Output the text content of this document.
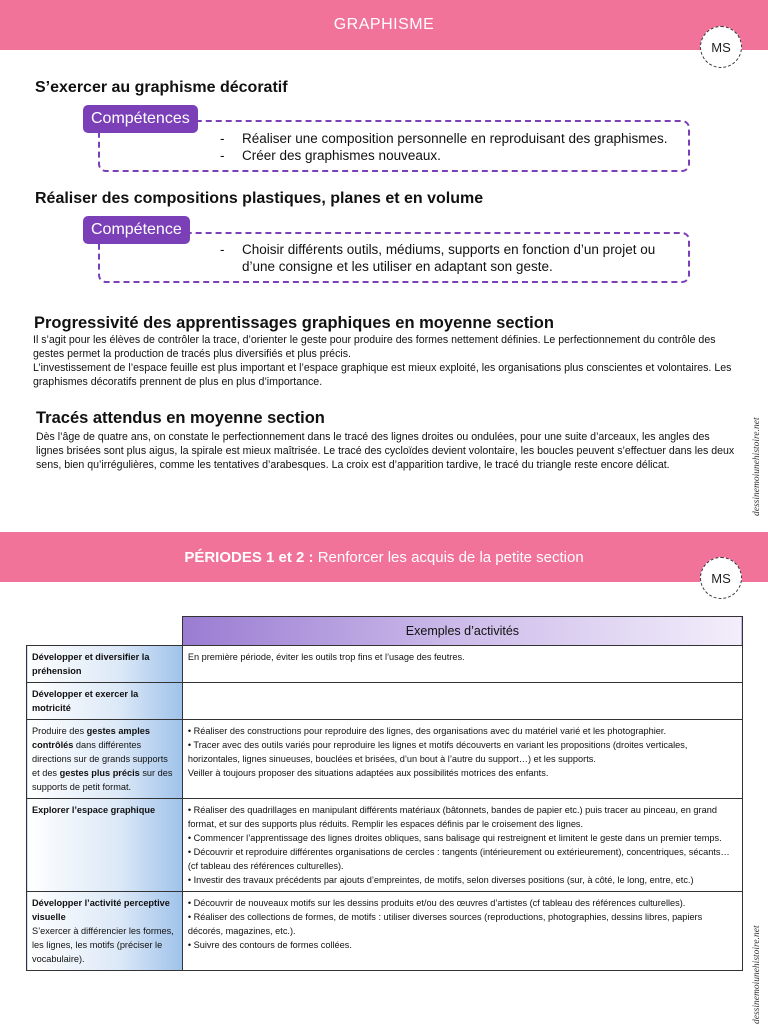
GRAPHISME
MS
S’exercer au graphisme décoratif
Compétences
- Réaliser une composition personnelle en reproduisant des graphismes.
- Créer des graphismes nouveaux.
Réaliser des compositions plastiques, planes et en volume
Compétence
- Choisir différents outils, médiums, supports en fonction d’un projet ou d’une consigne et les utiliser en adaptant son geste.
Progressivité des apprentissages graphiques en moyenne section
Il s’agit pour les élèves de contrôler la trace, d’orienter le geste pour produire des formes nettement définies. Le perfectionnement du contrôle des gestes permet la production de tracés plus diversifiés et plus précis.
L’investissement de l’espace feuille est plus important et l’espace graphique est mieux exploité, les organisations plus conscientes et volontaires. Les graphismes décoratifs prennent de plus en plus d’importance.
Tracés attendus en moyenne section
Dès l’âge de quatre ans, on constate le perfectionnement dans le tracé des lignes droites ou ondulées, pour une suite d’arceaux, les angles des lignes brisées sont plus aigus, la spirale est mieux maîtrisée. Le tracé des cycloïdes devient volontaire, les boucles peuvent s’effectuer dans les deux sens, bien qu’irrégulières, comme les tentatives d’arabesques. La croix est d’apparition tardive, le tracé du triangle reste encore délicat.	dessinemoiunehistoire.net
dessinemoiunehistoire.net
PÉRIODES 1 et 2 : Renforcer les acquis de la petite section
MS
	Exemples d’activités
Développer et diversifier la préhension	En première période, éviter les outils trop fins et l’usage des feutres.

Développer et exercer la motricité	
Produire des gestes amples contrôlés dans différentes directions sur de grands supports et des gestes plus précis sur des supports de petit format.	• Réaliser des constructions pour reproduire des lignes, des organisations avec du matériel varié et les photographier.
• Tracer avec des outils variés pour reproduire les lignes et motifs découverts en variant les propositions (droites verticales, horizontales, lignes sinueuses, bouclées et brisées, d’un bout à l’autre du support…) et les supports.
Veiller à toujours proposer des situations adaptées aux possibilités motrices des enfants.

Explorer l’espace graphique	• Réaliser des quadrillages en manipulant différents matériaux (bâtonnets, bandes de papier etc.) puis tracer au pinceau, en grand format, et sur des supports plus réduits. Remplir les espaces définis par le croisement des lignes.
• Commencer l’apprentissage des lignes droites obliques, sans balisage qui restreignent et limitent le geste dans un premier temps.
• Découvrir et reproduire différentes organisations de cercles : tangents (intérieurement ou extérieurement), concentriques, sécants… (cf tableau des références culturelles).
• Investir des travaux précédents par ajouts d’empreintes, de motifs, selon diverses positions (sur, à côté, le long, entre, etc.)

Développer l’activité perceptive visuelle
S’exercer à différencier les formes, les lignes, les motifs (préciser le vocabulaire).	• Découvrir de nouveaux motifs sur les dessins produits et/ou des œuvres d’artistes (cf tableau des références culturelles).
• Réaliser des collections de formes, de motifs : utiliser diverses sources (reproductions, photographies, dessins libres, papiers décorés, magazines, etc.).
• Suivre des contours de formes collées.
